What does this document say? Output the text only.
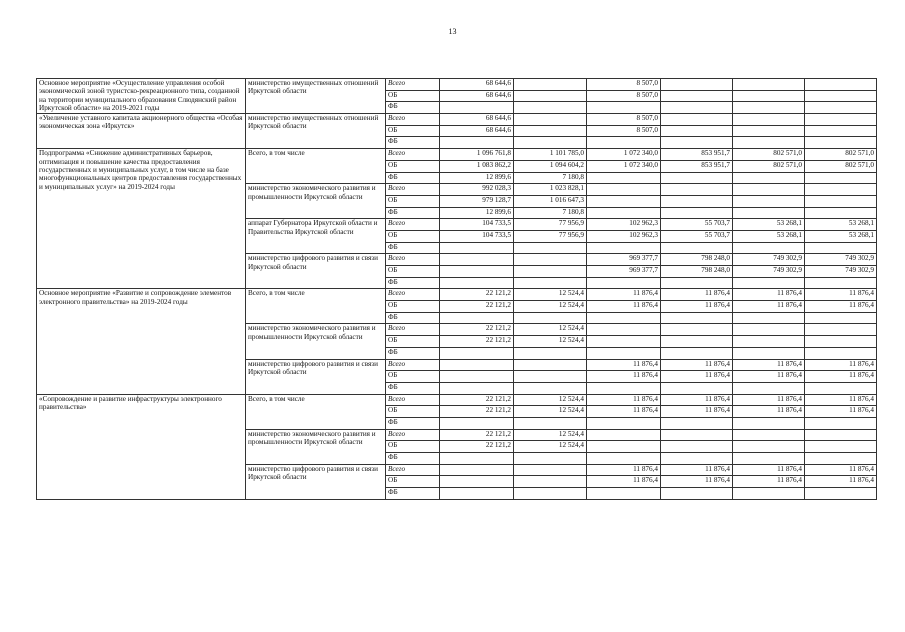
13
Основное мероприятие «Осуществление управления особой экономической зоной туристско-рекреационного типа, созданной на территории муниципального образования Слюдянский район Иркутской области» на 2019-2021 годы	министерство имущественных отношений Иркутской области	Всего	68 644,6		8 507,0			
		ОБ	68 644,6		8 507,0			
		ФБ						
«Увеличение уставного капитала акционерного общества «Особая экономическая зона «Иркутск»	министерство имущественных отношений Иркутской области	Всего	68 644,6		8 507,0			
		ОБ	68 644,6		8 507,0			
		ФБ						
Подпрограмма «Снижение административных барьеров, оптимизация и повышение качества предоставления государственных и муниципальных услуг, в том числе на базе многофункциональных центров предоставления государственных и муниципальных услуг» на 2019-2024 годы	Всего, в том числе	Всего	1 096 761,8	1 101 785,0	1 072 340,0	853 951,7	802 571,0	802 571,0
		ОБ	1 083 862,2	1 094 604,2	1 072 340,0	853 951,7	802 571,0	802 571,0
		ФБ	12 899,6	7 180,8				
	министерство экономического развития и промышленности Иркутской области	Всего	992 028,3	1 023 828,1				
		ОБ	979 128,7	1 016 647,3				
		ФБ	12 899,6	7 180,8				
	аппарат Губернатора Иркутской области и Правительства Иркутской области	Всего	104 733,5	77 956,9	102 962,3	55 703,7	53 268,1	53 268,1
		ОБ	104 733,5	77 956,9	102 962,3	55 703,7	53 268,1	53 268,1
		ФБ						
	министерство цифрового развития и связи Иркутской области	Всего			969 377,7	798 248,0	749 302,9	749 302,9
		ОБ			969 377,7	798 248,0	749 302,9	749 302,9
		ФБ						
Основное мероприятие «Развитие и сопровождение элементов электронного правительства» на 2019-2024 годы	Всего, в том числе	Всего	22 121,2	12 524,4	11 876,4	11 876,4	11 876,4	11 876,4
		ОБ	22 121,2	12 524,4	11 876,4	11 876,4	11 876,4	11 876,4
		ФБ						
	министерство экономического развития и промышленности Иркутской области	Всего	22 121,2	12 524,4				
		ОБ	22 121,2	12 524,4				
		ФБ						
	министерство цифрового развития и связи Иркутской области	Всего			11 876,4	11 876,4	11 876,4	11 876,4
		ОБ			11 876,4	11 876,4	11 876,4	11 876,4
		ФБ						
«Сопровождение и развитие инфраструктуры электронного правительства»	Всего, в том числе	Всего	22 121,2	12 524,4	11 876,4	11 876,4	11 876,4	11 876,4
		ОБ	22 121,2	12 524,4	11 876,4	11 876,4	11 876,4	11 876,4
		ФБ						
	министерство экономического развития и промышленности Иркутской области	Всего	22 121,2	12 524,4				
		ОБ	22 121,2	12 524,4				
		ФБ						
	министерство цифрового развития и связи Иркутской области	Всего			11 876,4	11 876,4	11 876,4	11 876,4
		ОБ			11 876,4	11 876,4	11 876,4	11 876,4
		ФБ						
